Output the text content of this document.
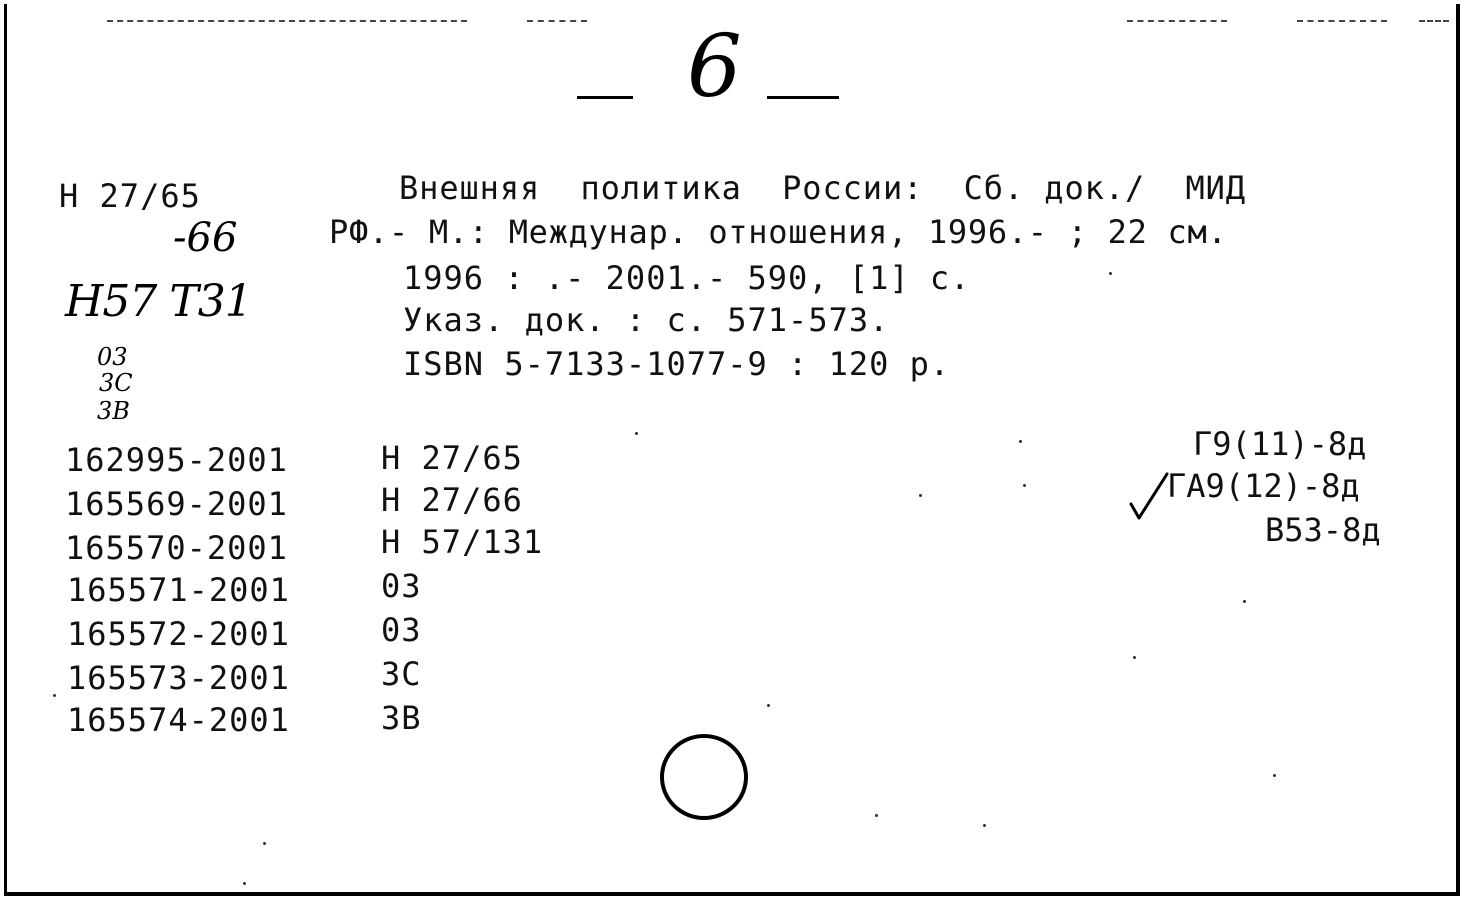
6
Н 27/65
-66
Н57 Т31
03
3C
3B
Внешняя  политика  России:  Сб. док./  МИД
РФ.- М.: Междунар. отношения, 1996.- ; 22 см.
1996 : .- 2001.- 590, [1] с.
Указ. док. : с. 571-573.
ISBN 5-7133-1077-9 : 120 р.
162995-2001	Н 27/65
165569-2001	Н 27/66
165570-2001	Н 57/131
165571-2001	03
165572-2001	03
165573-2001	3C
165574-2001	3B
Г9(11)-8д
ГА9(12)-8д
В53-8д
